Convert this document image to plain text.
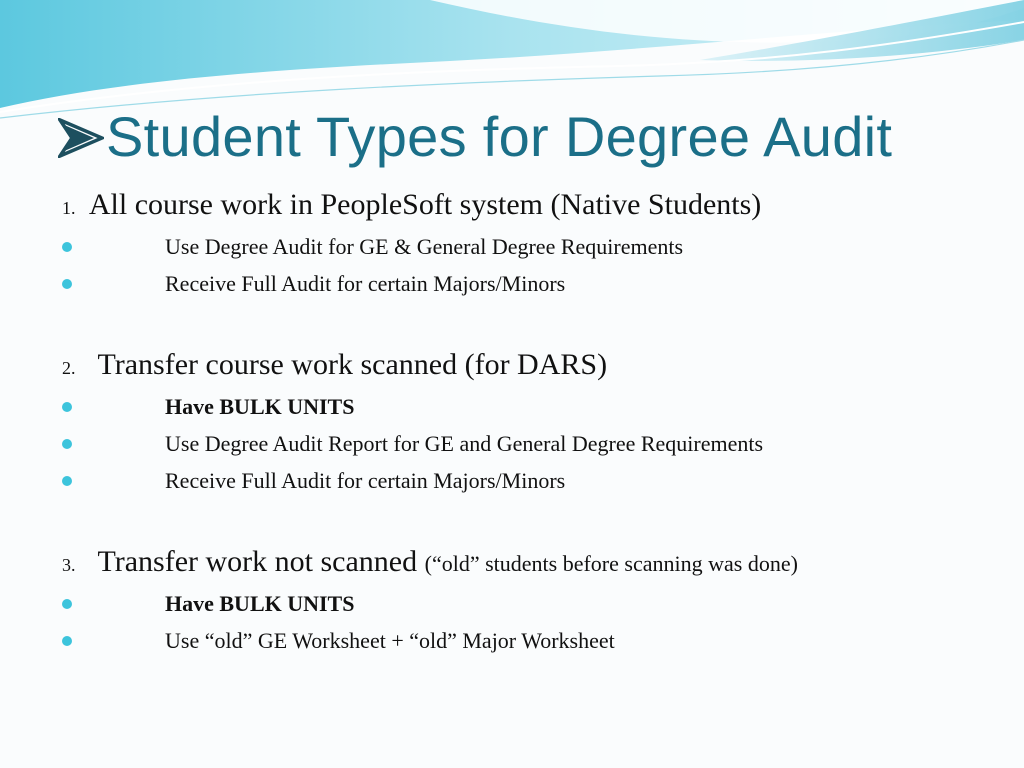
Student Types for Degree Audit
1. All course work in PeopleSoft system (Native Students)
Use Degree Audit for GE & General Degree Requirements
Receive Full Audit for certain Majors/Minors
2. Transfer course work scanned (for DARS)
Have BULK UNITS
Use Degree Audit Report for GE and General Degree Requirements
Receive Full Audit for certain Majors/Minors
3. Transfer work not scanned (“old” students before scanning was done)
Have BULK UNITS
Use “old” GE Worksheet + “old” Major Worksheet
